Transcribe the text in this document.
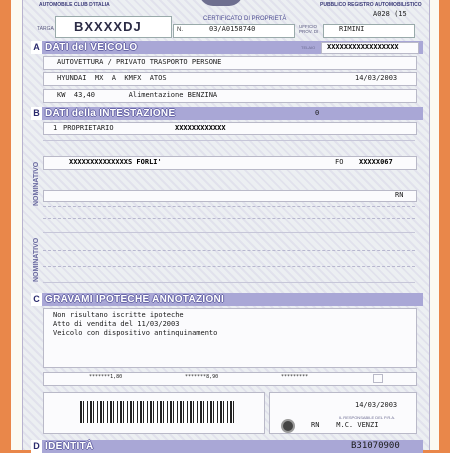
AUTOMOBILE CLUB D'ITALIA	PUBBLICO REGISTRO AUTOMOBILISTICO
A028 (15
TARGA BXXXXDJ	CERTIFICATO DI PROPRIETÀ
N.	03/A0158740	UFFICIO PROV. DI	RIMINI
A DATI del VEICOLO	TELAIO XXXXXXXXXXXXXXXXX
AUTOVETTURA / PRIVATO TRASPORTO PERSONE
HYUNDAI  MX  A  KMFX  ATOS	14/03/2003
KW  43,40        Alimentazione BENZINA
B DATI della INTESTAZIONE	0
1 PROPRIETARIO	XXXXXXXXXXXX
NOMINATIVO	XXXXXXXXXXXXXXS FORLI'	FO XXXXX067
RN
NOMINATIVO
C GRAVAMI IPOTECHE ANNOTAZIONI
Non risultano iscritte ipoteche
Atto di vendita del 11/03/2003
Veicolo con dispositivo antinquinamento
*******1,80	*******8,90	*********
14/03/2003
IL RESPONSABILE DEL P.R.A.
RN    M.C. VENZI
D IDENTITÀ	B31070900
